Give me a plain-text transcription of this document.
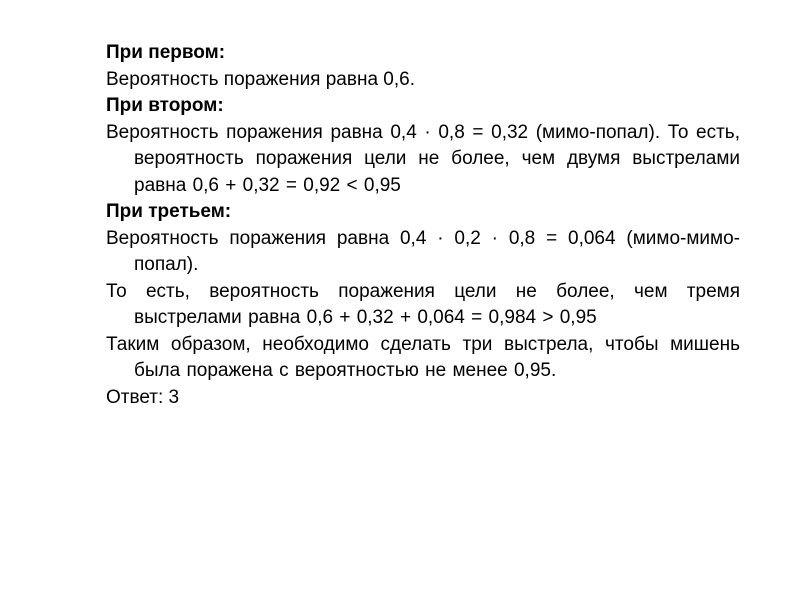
При первом:

Вероятность поражения равна 0,6.

При втором:

Вероятность поражения равна 0,4 · 0,8 = 0,32 (мимо-попал). То есть, вероятность поражения цели не более, чем двумя выстрелами равна 0,6 + 0,32 = 0,92 < 0,95

При третьем:

Вероятность поражения равна 0,4 · 0,2 · 0,8 = 0,064 (мимо-мимо-попал).

То есть, вероятность поражения цели не более, чем тремя выстрелами равна 0,6 + 0,32 + 0,064 = 0,984 > 0,95

Таким образом, необходимо сделать три выстрела, чтобы мишень была поражена с вероятностью не менее 0,95.

Ответ: 3
